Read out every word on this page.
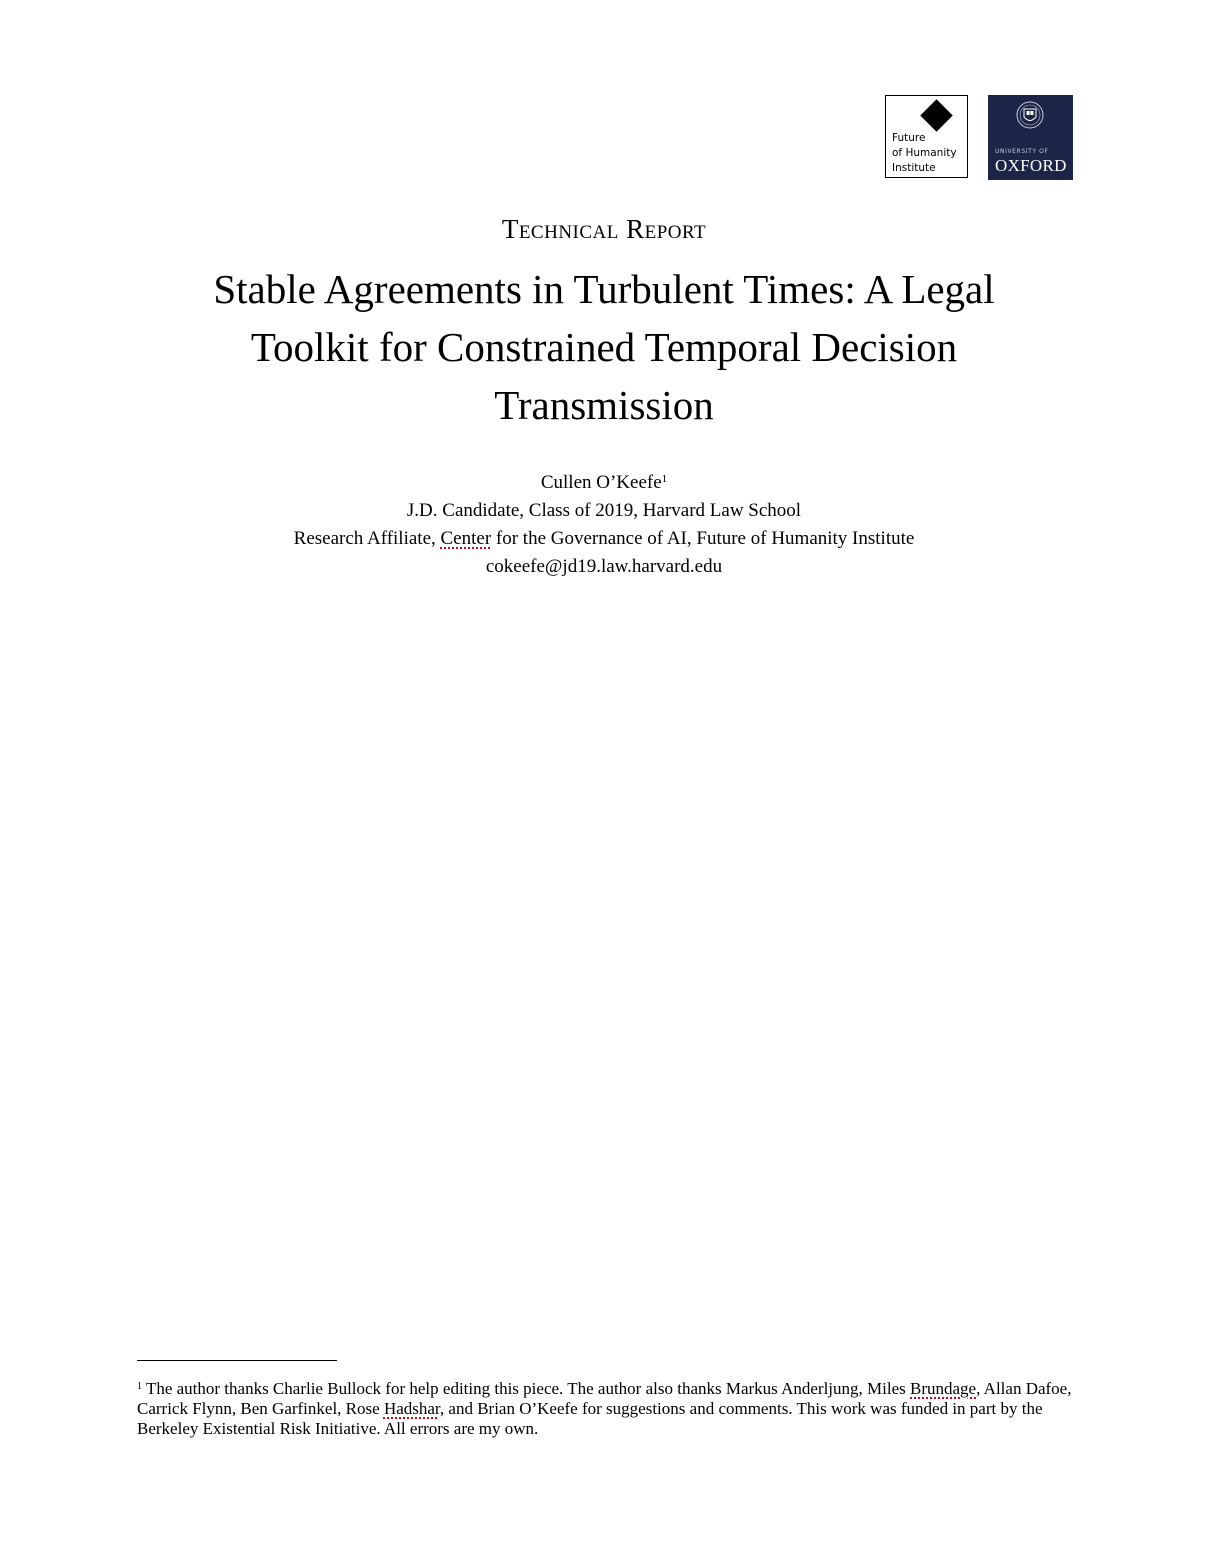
Future
of Humanity
Institute
UNIVERSITY OF
OXFORD
Technical Report
Stable Agreements in Turbulent Times: A Legal Toolkit for Constrained Temporal Decision Transmission
Cullen O’Keefe$^1$
J.D. Candidate, Class of 2019, Harvard Law School
Research Affiliate, Center for the Governance of AI, Future of Humanity Institute
cokeefe@jd19.law.harvard.edu
$^1$ The author thanks Charlie Bullock for help editing this piece. The author also thanks Markus Anderljung, Miles Brundage, Allan Dafoe, Carrick Flynn, Ben Garfinkel, Rose Hadshar, and Brian O’Keefe for suggestions and comments. This work was funded in part by the Berkeley Existential Risk Initiative. All errors are my own.
